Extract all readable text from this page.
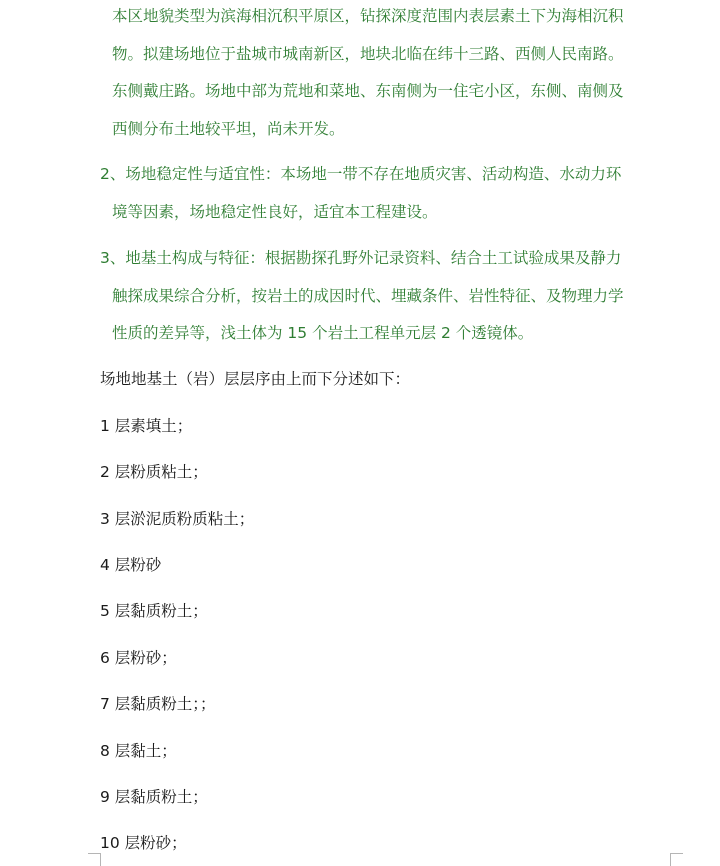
本区地貌类型为滨海相沉积平原区，钻探深度范围内表层素土下为海相沉积
物。拟建场地位于盐城市城南新区，地块北临在纬十三路、西侧人民南路。
东侧戴庄路。场地中部为荒地和菜地、东南侧为一住宅小区，东侧、南侧及
西侧分布土地较平坦，尚未开发。
2、场地稳定性与适宜性：本场地一带不存在地质灾害、活动构造、水动力环
境等因素，场地稳定性良好，适宜本工程建设。
3、地基土构成与特征：根据勘探孔野外记录资料、结合土工试验成果及静力
触探成果综合分析，按岩土的成因时代、埋藏条件、岩性特征、及物理力学
性质的差异等，浅土体为 15 个岩土工程单元层 2 个透镜体。

场地地基土（岩）层层序由上而下分述如下：

1 层素填土；

2 层粉质粘土；

3 层淤泥质粉质粘土；

4 层粉砂

5 层黏质粉土；

6 层粉砂；

7 层黏质粉土；；

8 层黏土；

9 层黏质粉土；

10 层粉砂；
